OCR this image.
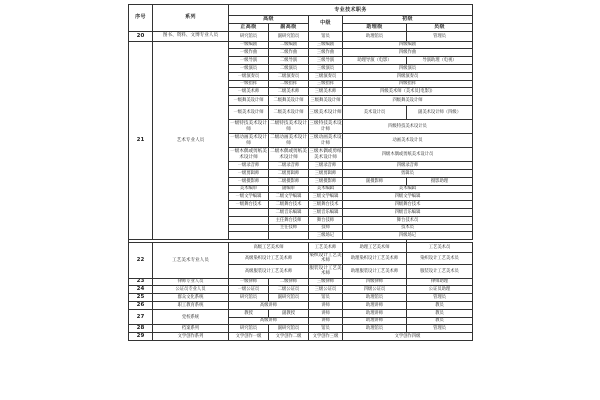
序号	系列	专业技术职务				
		高级		中级	初级	
		正高级	副高级		助理级	员级
20	图书、资料、文博专业人员	研究馆员	副研究馆员	馆员	助理馆员	管理员
21	艺术专业人员	一级编剧	二级编剧	三级编剧	四级编剧	
		一级作曲	二级作曲	三级作曲	四级作曲	
		一级导演	二级导演	三级导演	助理导演（电影）	导演助理（电视）
		一级演员	二级演员	三级演员	四级演员	
		一级演奏员	二级演奏员	三级演奏员	四级演奏员	
		一级指挥	二级指挥	三级指挥	四级指挥	
		一级美术师	二级美术师	三级美术师	四级美术师（美术员[电影]）	
		一级舞美设计师	二级舞美设计师	三级舞美设计师	四级舞美设计师	
		一级美术设计师	二级美术设计师	三级美术设计师	美术设计员	副美术设计师（四级）
		一级特技美术设计师	二级特技美术设计师	三级特技美术设计师	四级特技美术设计员	
		一级动画美术设计师	二级动画美术设计师	三级动画美术设计师	动画美术设计员	
		一级木偶或剪纸美术设计师	二级木偶或剪纸美术设计师	三级木偶或剪纸美术设计师	四级木偶或剪纸美术设计员	
		一级录音师	二级录音师	三级录音师	四级录音师	
		一级剪辑师	二级剪辑师	三级剪辑师	剪辑员	
		一级摄影师	二级摄影师	三级摄影师	副摄影师	摄影助理
		美术编审	副编审	美术编辑	美术编辑	
		一级文学编辑	二级文学编辑	三级文学编辑	四级文学编辑	
		一级舞台技术	二级舞台技术	三级舞台技术	四级舞台技术	
			二级音乐编辑	三级音乐编辑	四级音乐编辑	
			主任舞台技师	舞台技师	舞台技术员	
			主任技师	技师	技术员	
				三级场记	四级场记	

22	工艺美术专业人员	高级工艺美术师		工艺美术师	助理工艺美术师	工艺美术员
		高级染织设计工艺美术师		染织设计工艺美术师	助理染织设计工艺美术师	染织设计工艺美术员
		高级服装设计工艺美术师		服装设计工艺美术师	助理服装设计工艺美术师	服装设计工艺美术员
23	律师专业人员	一级律师	二级律师	三级律师	四级律师	律师助理
24	公证员专业人员	一级公证员	二级公证员	三级公证员	四级公证员	公证员助理
25	群众文化系统	研究馆员	副研究馆员	馆员	助理馆员	管理员
26	职工教育系统	高级讲师		讲师	助理讲师	教员
27	党校系统	教授	副教授	讲师	助理讲师	教员
		高级讲师		讲师	助理讲师	教员
28	档案系列	研究馆员	副研究馆员	馆员	助理馆员	管理员
29	文学创作系列	文学创作一级	文学创作二级	文学创作三级	文学创作四级	
